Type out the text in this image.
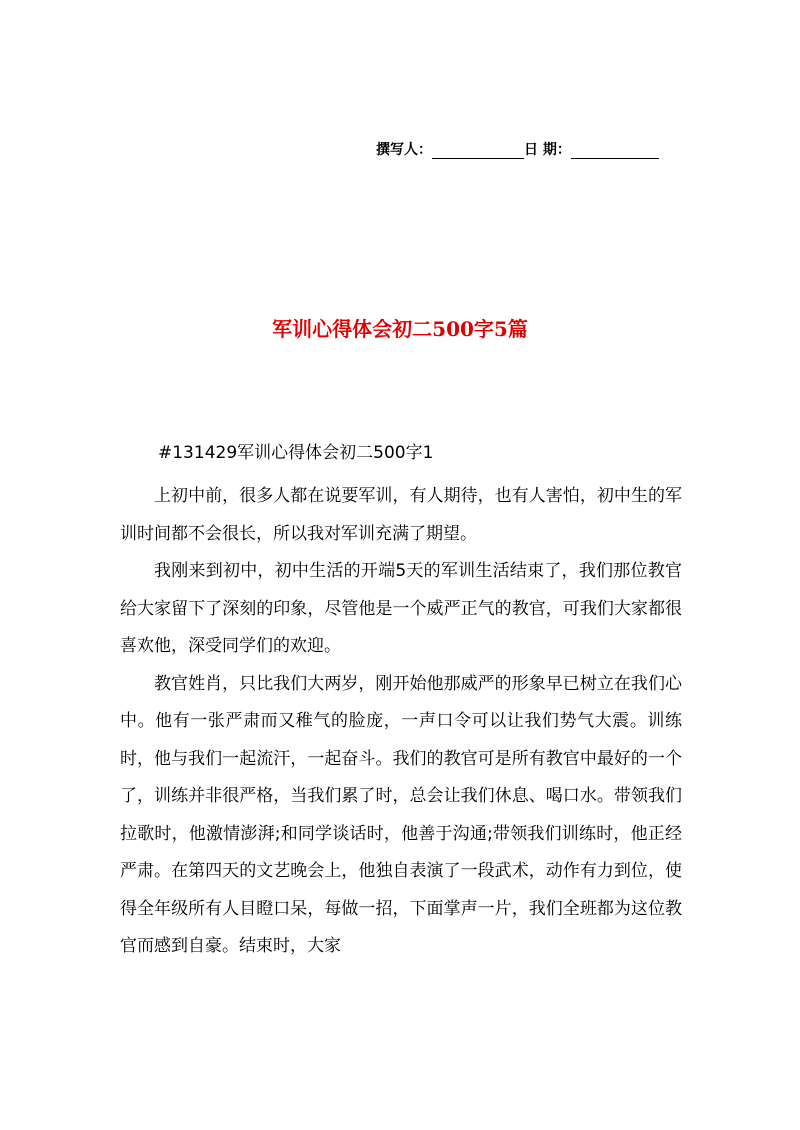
撰写人：	日 期：
军训心得体会初二500字5篇
#131429军训心得体会初二500字1

上初中前，很多人都在说要军训，有人期待，也有人害怕，初中生的军训时间都不会很长，所以我对军训充满了期望。

我刚来到初中，初中生活的开端5天的军训生活结束了，我们那位教官给大家留下了深刻的印象，尽管他是一个威严正气的教官，可我们大家都很喜欢他，深受同学们的欢迎。

教官姓肖，只比我们大两岁，刚开始他那威严的形象早已树立在我们心中。他有一张严肃而又稚气的脸庞，一声口令可以让我们势气大震。训练时，他与我们一起流汗，一起奋斗。我们的教官可是所有教官中最好的一个了，训练并非很严格，当我们累了时，总会让我们休息、喝口水。带领我们拉歌时，他激情澎湃;和同学谈话时，他善于沟通;带领我们训练时，他正经严肃。在第四天的文艺晚会上，他独自表演了一段武术，动作有力到位，使得全年级所有人目瞪口呆，每做一招，下面掌声一片，我们全班都为这位教官而感到自豪。结束时，大家
